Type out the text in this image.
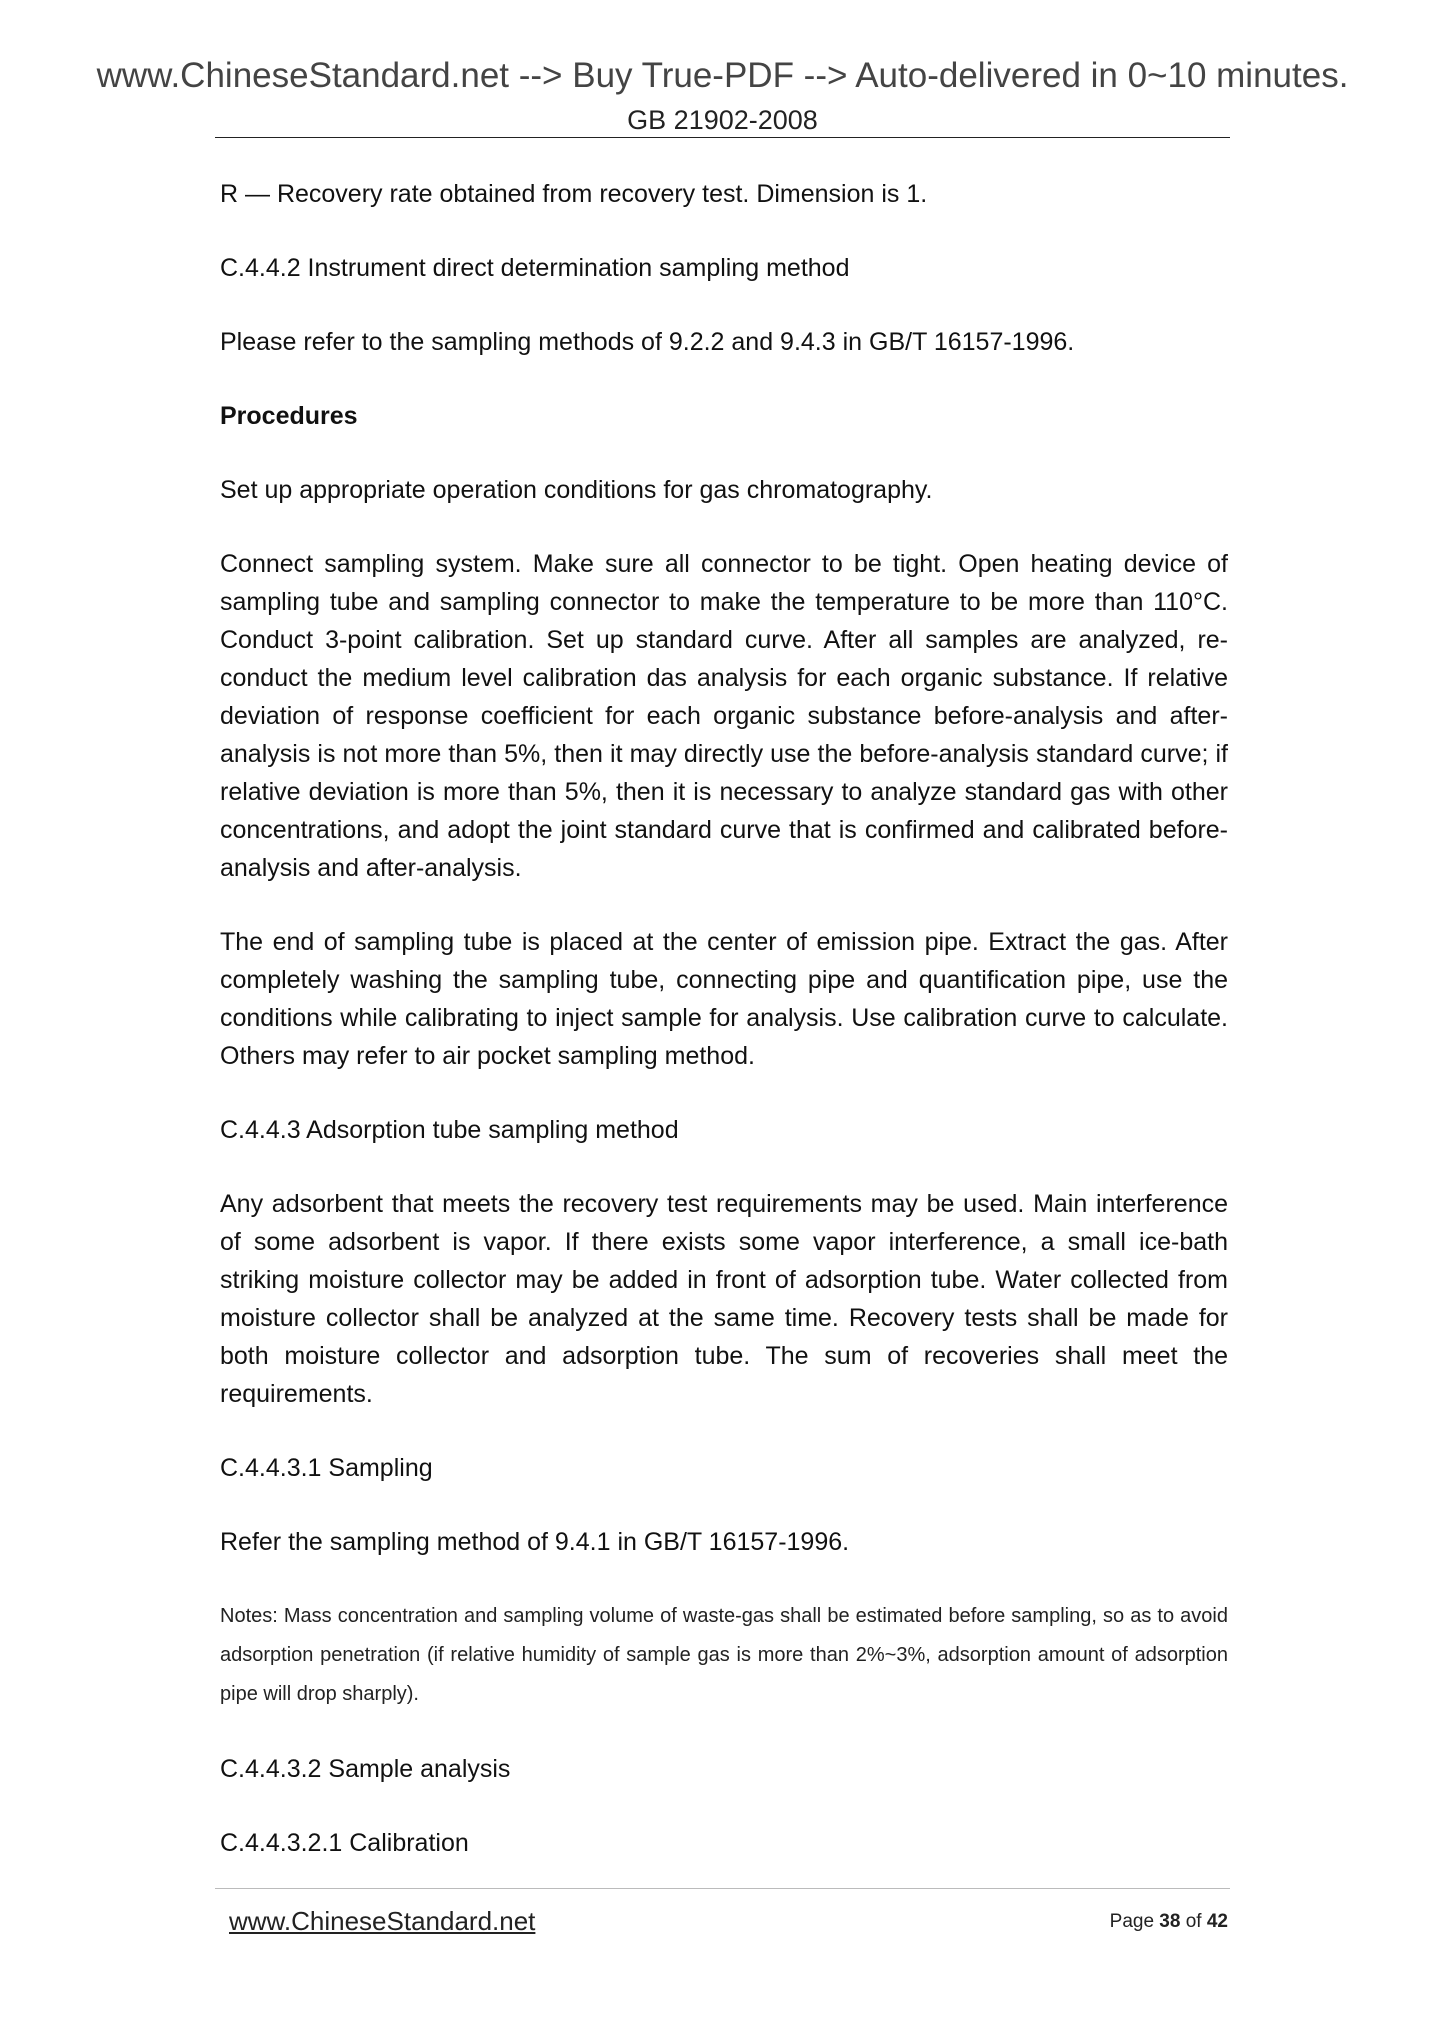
www.ChineseStandard.net --> Buy True-PDF --> Auto-delivered in 0~10 minutes.
GB 21902-2008

R — Recovery rate obtained from recovery test. Dimension is 1.

C.4.4.2 Instrument direct determination sampling method

Please refer to the sampling methods of 9.2.2 and 9.4.3 in GB/T 16157-1996.

Procedures

Set up appropriate operation conditions for gas chromatography.

Connect sampling system. Make sure all connector to be tight. Open heating device of sampling tube and sampling connector to make the temperature to be more than 110°C. Conduct 3-point calibration. Set up standard curve. After all samples are analyzed, re-conduct the medium level calibration das analysis for each organic substance. If relative deviation of response coefficient for each organic substance before-analysis and after-analysis is not more than 5%, then it may directly use the before-analysis standard curve; if relative deviation is more than 5%, then it is necessary to analyze standard gas with other concentrations, and adopt the joint standard curve that is confirmed and calibrated before-analysis and after-analysis.

The end of sampling tube is placed at the center of emission pipe. Extract the gas. After completely washing the sampling tube, connecting pipe and quantification pipe, use the conditions while calibrating to inject sample for analysis. Use calibration curve to calculate. Others may refer to air pocket sampling method.

C.4.4.3 Adsorption tube sampling method

Any adsorbent that meets the recovery test requirements may be used. Main interference of some adsorbent is vapor. If there exists some vapor interference, a small ice-bath striking moisture collector may be added in front of adsorption tube. Water collected from moisture collector shall be analyzed at the same time. Recovery tests shall be made for both moisture collector and adsorption tube. The sum of recoveries shall meet the requirements.

C.4.4.3.1 Sampling

Refer the sampling method of 9.4.1 in GB/T 16157-1996.

Notes: Mass concentration and sampling volume of waste-gas shall be estimated before sampling, so as to avoid adsorption penetration (if relative humidity of sample gas is more than 2%~3%, adsorption amount of adsorption pipe will drop sharply).

C.4.4.3.2 Sample analysis

C.4.4.3.2.1 Calibration

www.ChineseStandard.net	Page 38 of 42
